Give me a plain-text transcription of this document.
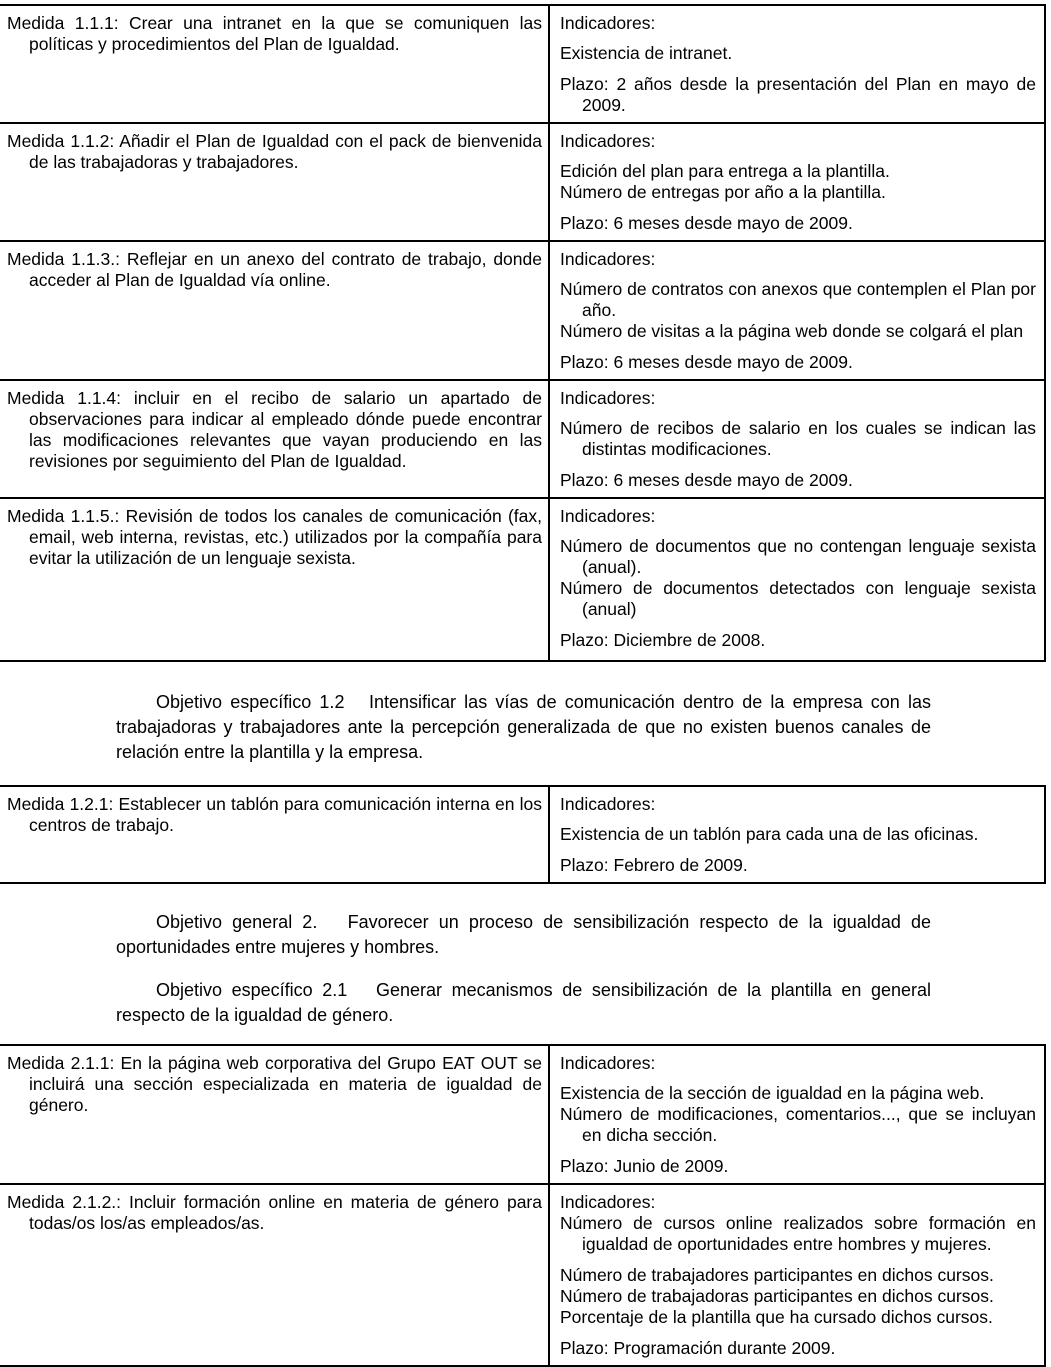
Medida 1.1.1: Crear una intranet en la que se comuniquen las políticas y procedimientos del Plan de Igualdad.

Indicadores:

Existencia de intranet.

Plazo: 2 años desde la presentación del Plan en mayo de 2009.

Medida 1.1.2: Añadir el Plan de Igualdad con el pack de bienvenida de las trabajadoras y trabajadores.

Indicadores:

Edición del plan para entrega a la plantilla.

Número de entregas por año a la plantilla.

Plazo: 6 meses desde mayo de 2009.

Medida 1.1.3.: Reflejar en un anexo del contrato de trabajo, donde acceder al Plan de Igualdad vía online.

Indicadores:

Número de contratos con anexos que contemplen el Plan por año.

Número de visitas a la página web donde se colgará el plan

Plazo: 6 meses desde mayo de 2009.

Medida 1.1.4: incluir en el recibo de salario un apartado de observaciones para indicar al empleado dónde puede encontrar las modificaciones relevantes que vayan produciendo en las revisiones por seguimiento del Plan de Igualdad.

Indicadores:

Número de recibos de salario en los cuales se indican las distintas modificaciones.

Plazo: 6 meses desde mayo de 2009.

Medida 1.1.5.: Revisión de todos los canales de comunicación (fax, email, web interna, revistas, etc.) utilizados por la compañía para evitar la utilización de un lenguaje sexista.

Indicadores:

Número de documentos que no contengan lenguaje sexista (anual).

Número de documentos detectados con lenguaje sexista (anual)

Plazo: Diciembre de 2008.

Objetivo específico 1.2   Intensificar las vías de comunicación dentro de la empresa con las trabajadoras y trabajadores ante la percepción generalizada de que no existen buenos canales de relación entre la plantilla y la empresa.

Medida 1.2.1: Establecer un tablón para comunicación interna en los centros de trabajo.

Indicadores:

Existencia de un tablón para cada una de las oficinas.

Plazo: Febrero de 2009.

Objetivo general 2.   Favorecer un proceso de sensibilización respecto de la igualdad de oportunidades entre mujeres y hombres.

Objetivo específico 2.1   Generar mecanismos de sensibilización de la plantilla en general respecto de la igualdad de género.

Medida 2.1.1: En la página web corporativa del Grupo EAT OUT se incluirá una sección especializada en materia de igualdad de género.

Indicadores:

Existencia de la sección de igualdad en la página web.

Número de modificaciones, comentarios..., que se incluyan en dicha sección.

Plazo: Junio de 2009.

Medida 2.1.2.: Incluir formación online en materia de género para todas/os los/as empleados/as.

Indicadores:

Número de cursos online realizados sobre formación en igualdad de oportunidades entre hombres y mujeres.

Número de trabajadores participantes en dichos cursos.

Número de trabajadoras participantes en dichos cursos.

Porcentaje de la plantilla que ha cursado dichos cursos.

Plazo: Programación durante 2009.
